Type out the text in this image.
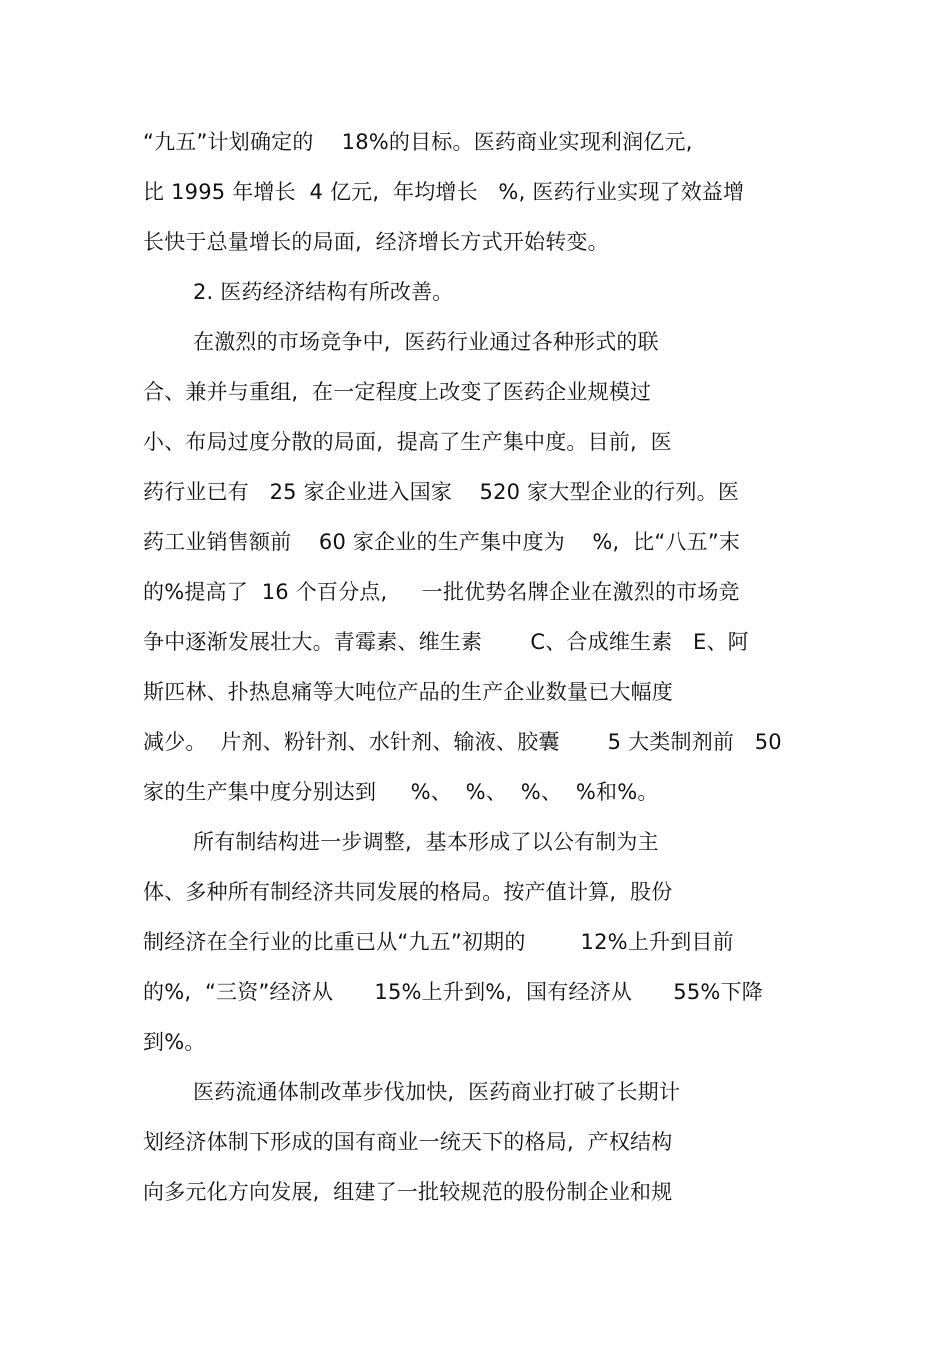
“九五”计划确定的　 18%的目标。医药商业实现利润亿元,
比 1995 年增长  4 亿元,  年均增长   %, 医药行业实现了效益增
长快于总量增长的局面,  经济增长方式开始转变。
2. 医药经济结构有所改善。
在激烈的市场竞争中,  医药行业通过各种形式的联
合、兼并与重组,  在一定程度上改变了医药企业规模过
小、布局过度分散的局面,  提高了生产集中度。目前,  医
药行业已有   25 家企业进入国家    520 家大型企业的行列。医
药工业销售额前    60 家企业的生产集中度为    %,  比“八五”末
的%提高了  16 个百分点,     一批优势名牌企业在激烈的市场竞
争中逐渐发展壮大。青霉素、维生素       C、合成维生素   E、阿
斯匹林、扑热息痛等大吨位产品的生产企业数量已大幅度
减少。  片剂、粉针剂、水针剂、输液、胶囊       5 大类制剂前   50
家的生产集中度分别达到     %、  %、  %、  %和%。
所有制结构进一步调整,  基本形成了以公有制为主
体、多种所有制经济共同发展的格局。按产值计算,  股份
制经济在全行业的比重已从“九五”初期的        12%上升到目前
的%,  “三资”经济从      15%上升到%,  国有经济从      55%下降
到%。
医药流通体制改革步伐加快,  医药商业打破了长期计
划经济体制下形成的国有商业一统天下的格局,  产权结构
向多元化方向发展,  组建了一批较规范的股份制企业和规
